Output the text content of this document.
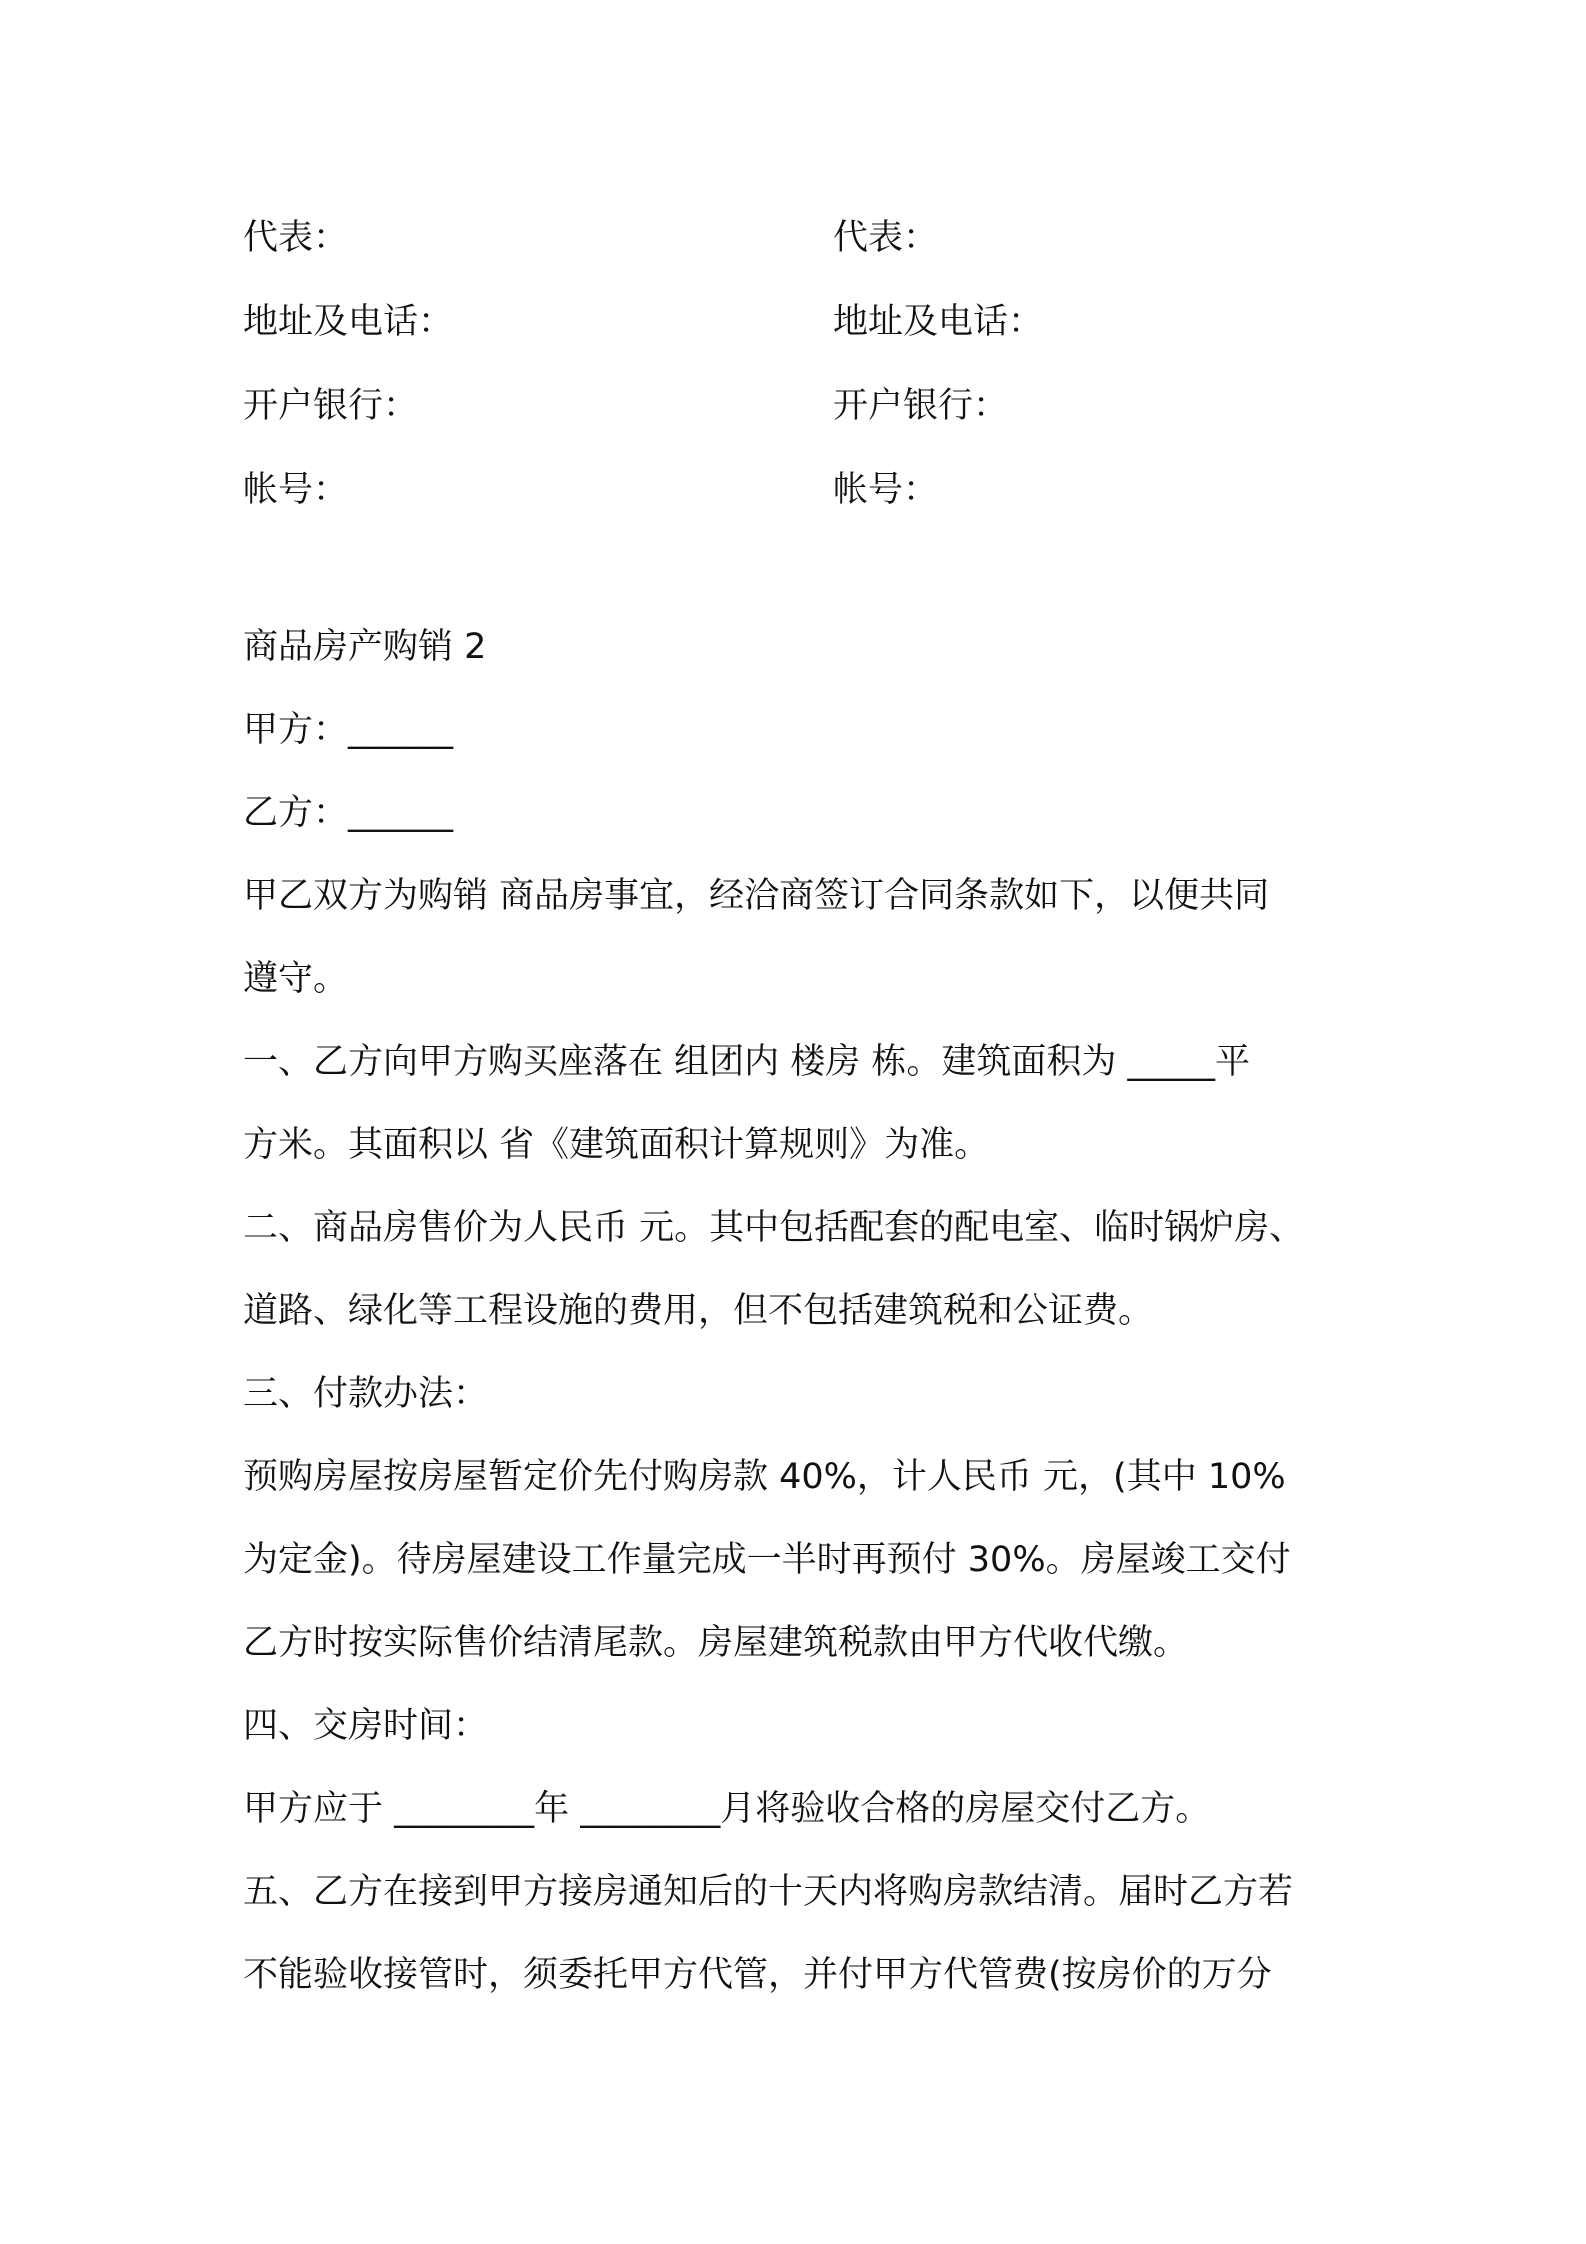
代表：	代表：
地址及电话：	地址及电话：
开户银行：	开户银行：
帐号：	帐号：

商品房产购销 2

甲方：______

乙方：______

甲乙双方为购销 商品房事宜，经洽商签订合同条款如下，以便共同

遵守。

一、乙方向甲方购买座落在 组团内 楼房 栋。建筑面积为 _____平

方米。其面积以 省《建筑面积计算规则》为准。

二、商品房售价为人民币 元。其中包括配套的配电室、临时锅炉房、

道路、绿化等工程设施的费用，但不包括建筑税和公证费。

三、付款办法：

预购房屋按房屋暂定价先付购房款 40%，计人民币 元，(其中 10%

为定金)。待房屋建设工作量完成一半时再预付 30%。房屋竣工交付

乙方时按实际售价结清尾款。房屋建筑税款由甲方代收代缴。

四、交房时间：

甲方应于 ________年 ________月将验收合格的房屋交付乙方。

五、乙方在接到甲方接房通知后的十天内将购房款结清。届时乙方若

不能验收接管时，须委托甲方代管，并付甲方代管费(按房价的万分
